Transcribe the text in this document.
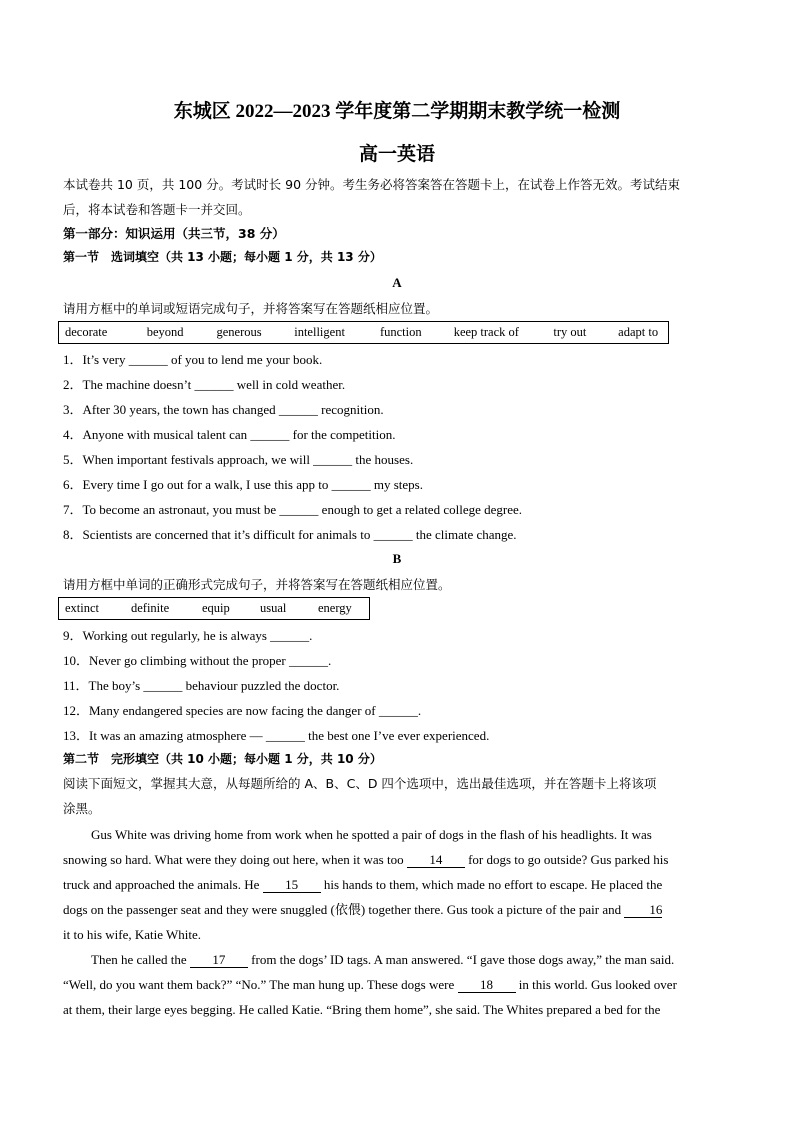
东城区 2022—2023 学年度第二学期期末教学统一检测
高一英语
本试卷共 10 页，共 100 分。考试时长 90 分钟。考生务必将答案答在答题卡上，在试卷上作答无效。考试结束
后，将本试卷和答题卡一并交回。
第一部分：知识运用（共三节，38 分）
第一节　选词填空（共 13 小题；每小题 1 分，共 13 分）
A
请用方框中的单词或短语完成句子，并将答案写在答题纸相应位置。
decorate	beyond	generous	intelligent	function	keep track of	try out	adapt to
1．It’s very ______ of you to lend me your book.
2．The machine doesn’t ______ well in cold weather.
3．After 30 years, the town has changed ______ recognition.
4．Anyone with musical talent can ______ for the competition.
5．When important festivals approach, we will ______ the houses.
6．Every time I go out for a walk, I use this app to ______ my steps.
7．To become an astronaut, you must be ______ enough to get a related college degree.
8．Scientists are concerned that it’s difficult for animals to ______ the climate change.
B
请用方框中单词的正确形式完成句子，并将答案写在答题纸相应位置。
extinct	definite	equip	usual	energy
9．Working out regularly, he is always ______.
10．Never go climbing without the proper ______.
11．The boy’s ______ behaviour puzzled the doctor.
12．Many endangered species are now facing the danger of ______.
13．It was an amazing atmosphere — ______ the best one I’ve ever experienced.
第二节　完形填空（共 10 小题；每小题 1 分，共 10 分）
阅读下面短文，掌握其大意，从每题所给的 A、B、C、D 四个选项中，选出最佳选项，并在答题卡上将该项
涂黑。
Gus White was driving home from work when he spotted a pair of dogs in the flash of his headlights. It was
snowing so hard. What were they doing out here, when it was too 14 for dogs to go outside? Gus parked his
truck and approached the animals. He 15 his hands to them, which made no effort to escape. He placed the
dogs on the passenger seat and they were snuggled (依偎) together there. Gus took a picture of the pair and 16
it to his wife, Katie White.
Then he called the 17 from the dogs’ ID tags. A man answered. “I gave those dogs away,” the man said.
“Well, do you want them back?” “No.” The man hung up. These dogs were 18 in this world. Gus looked over
at them, their large eyes begging. He called Katie. “Bring them home”, she said. The Whites prepared a bed for the
